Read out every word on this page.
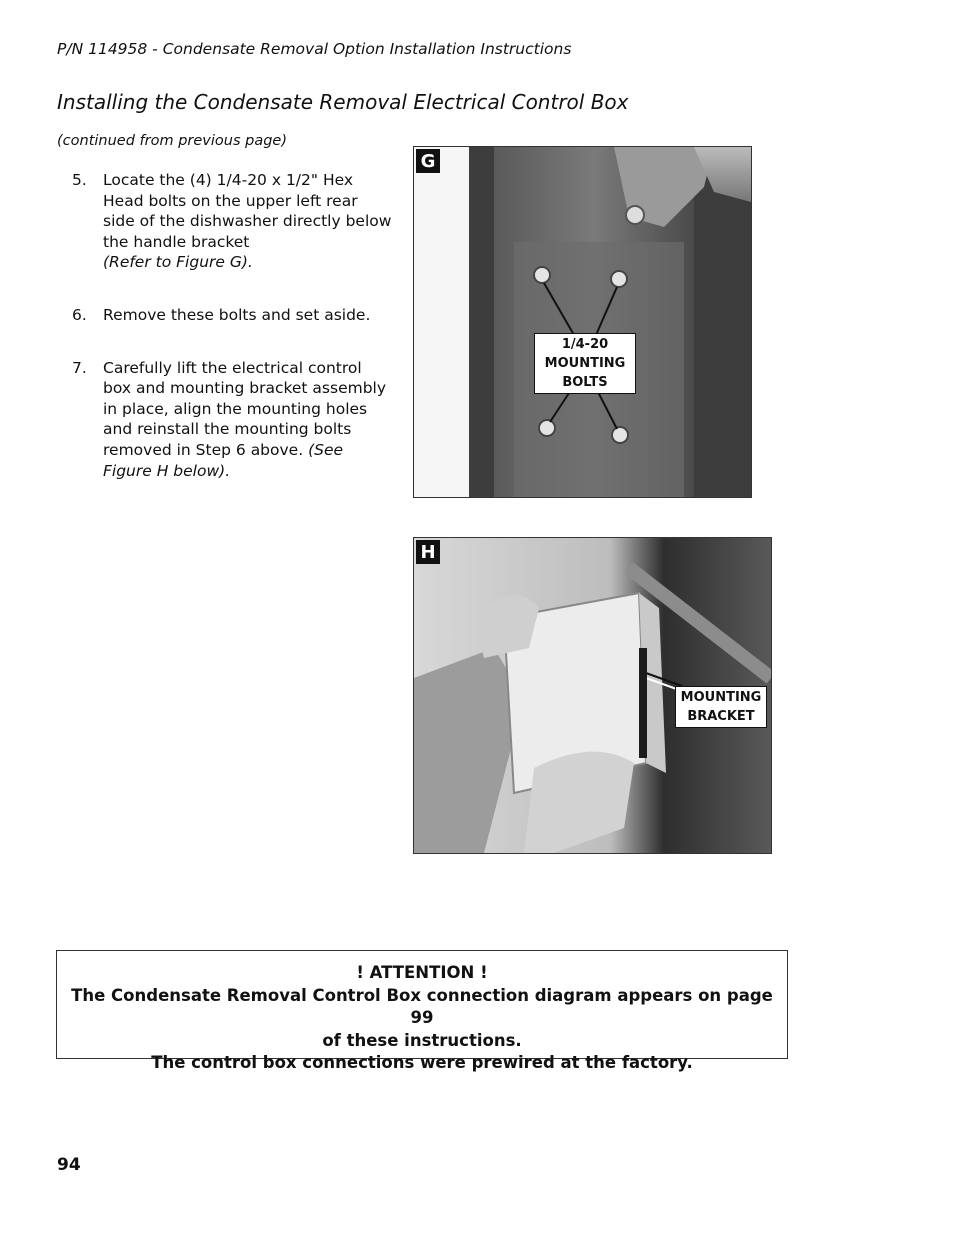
P/N 114958 - Condensate Removal Option Installation Instructions
Installing the Condensate Removal Electrical Control Box
(continued from previous page)
5. Locate the (4) 1/4-20 x 1/2" Hex Head bolts on the upper left rear side of the dishwasher directly below the handle bracket
(Refer to Figure G).
6. Remove these bolts and set aside.
7. Carefully lift the electrical control box and mounting bracket assembly in place, align the mounting holes and reinstall the mounting bolts removed in Step 6 above. (See Figure H below).
G
1/4-20
MOUNTING
BOLTS
H
MOUNTING
BRACKET
! ATTENTION !
The Condensate Removal Control Box connection diagram appears on page 99
of these instructions.
The control box connections were prewired at the factory.
94
